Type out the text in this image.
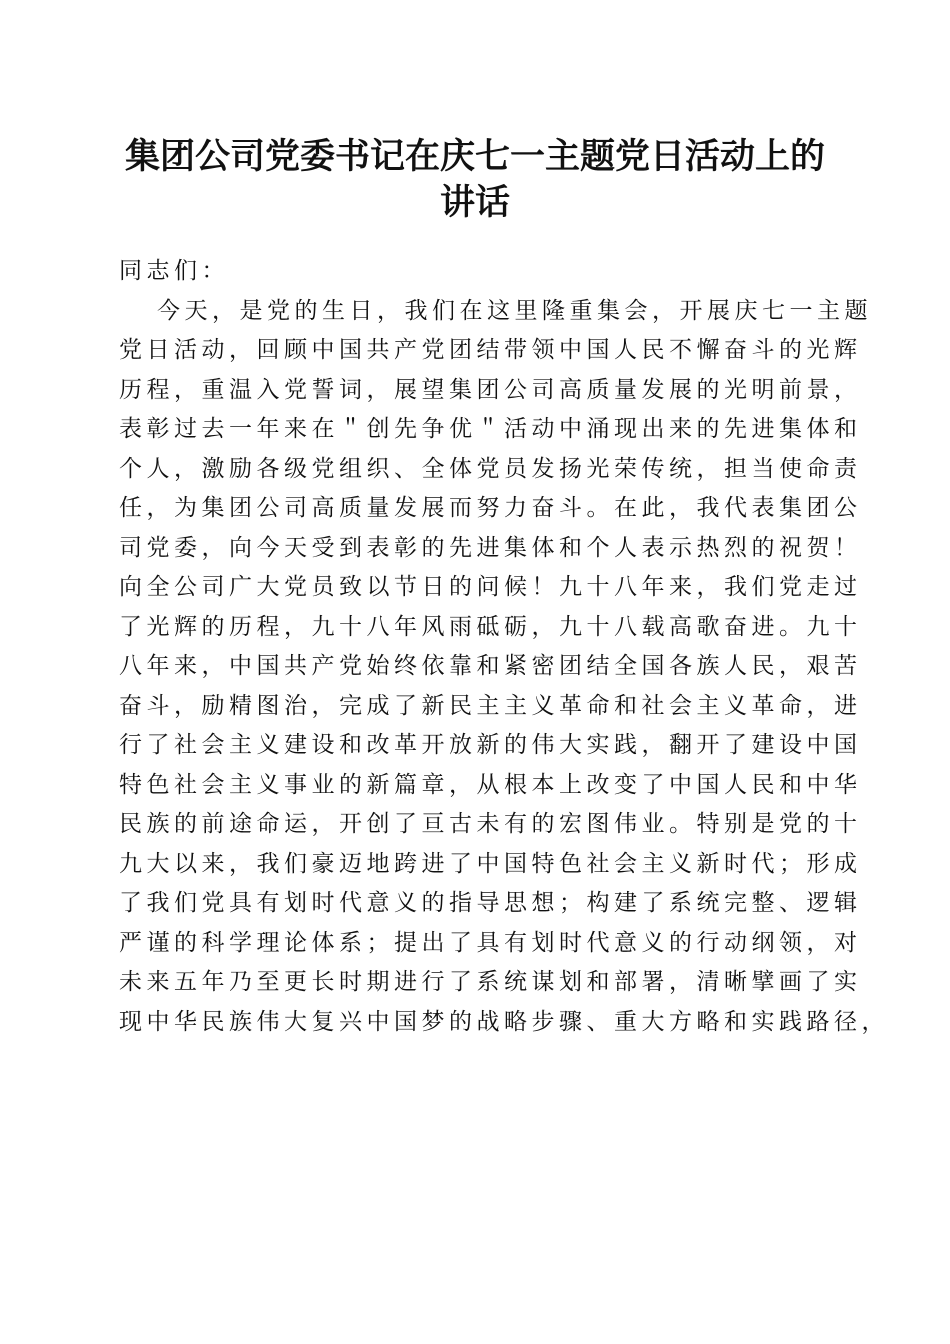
集团公司党委书记在庆七一主题党日活动上的
讲话
同志们：
今天，是党的生日，我们在这里隆重集会，开展庆七一主题
党日活动，回顾中国共产党团结带领中国人民不懈奋斗的光辉
历程，重温入党誓词，展望集团公司高质量发展的光明前景，
表彰过去一年来在＂创先争优＂活动中涌现出来的先进集体和
个人，激励各级党组织、全体党员发扬光荣传统，担当使命责
任，为集团公司高质量发展而努力奋斗。在此，我代表集团公
司党委，向今天受到表彰的先进集体和个人表示热烈的祝贺！
向全公司广大党员致以节日的问候！九十八年来，我们党走过
了光辉的历程，九十八年风雨砥砺，九十八载高歌奋进。九十
八年来，中国共产党始终依靠和紧密团结全国各族人民，艰苦
奋斗，励精图治，完成了新民主主义革命和社会主义革命，进
行了社会主义建设和改革开放新的伟大实践，翻开了建设中国
特色社会主义事业的新篇章，从根本上改变了中国人民和中华
民族的前途命运，开创了亘古未有的宏图伟业。特别是党的十
九大以来，我们豪迈地跨进了中国特色社会主义新时代；形成
了我们党具有划时代意义的指导思想；构建了系统完整、逻辑
严谨的科学理论体系；提出了具有划时代意义的行动纲领，对
未来五年乃至更长时期进行了系统谋划和部署，清晰擘画了实
现中华民族伟大复兴中国梦的战略步骤、重大方略和实践路径，
